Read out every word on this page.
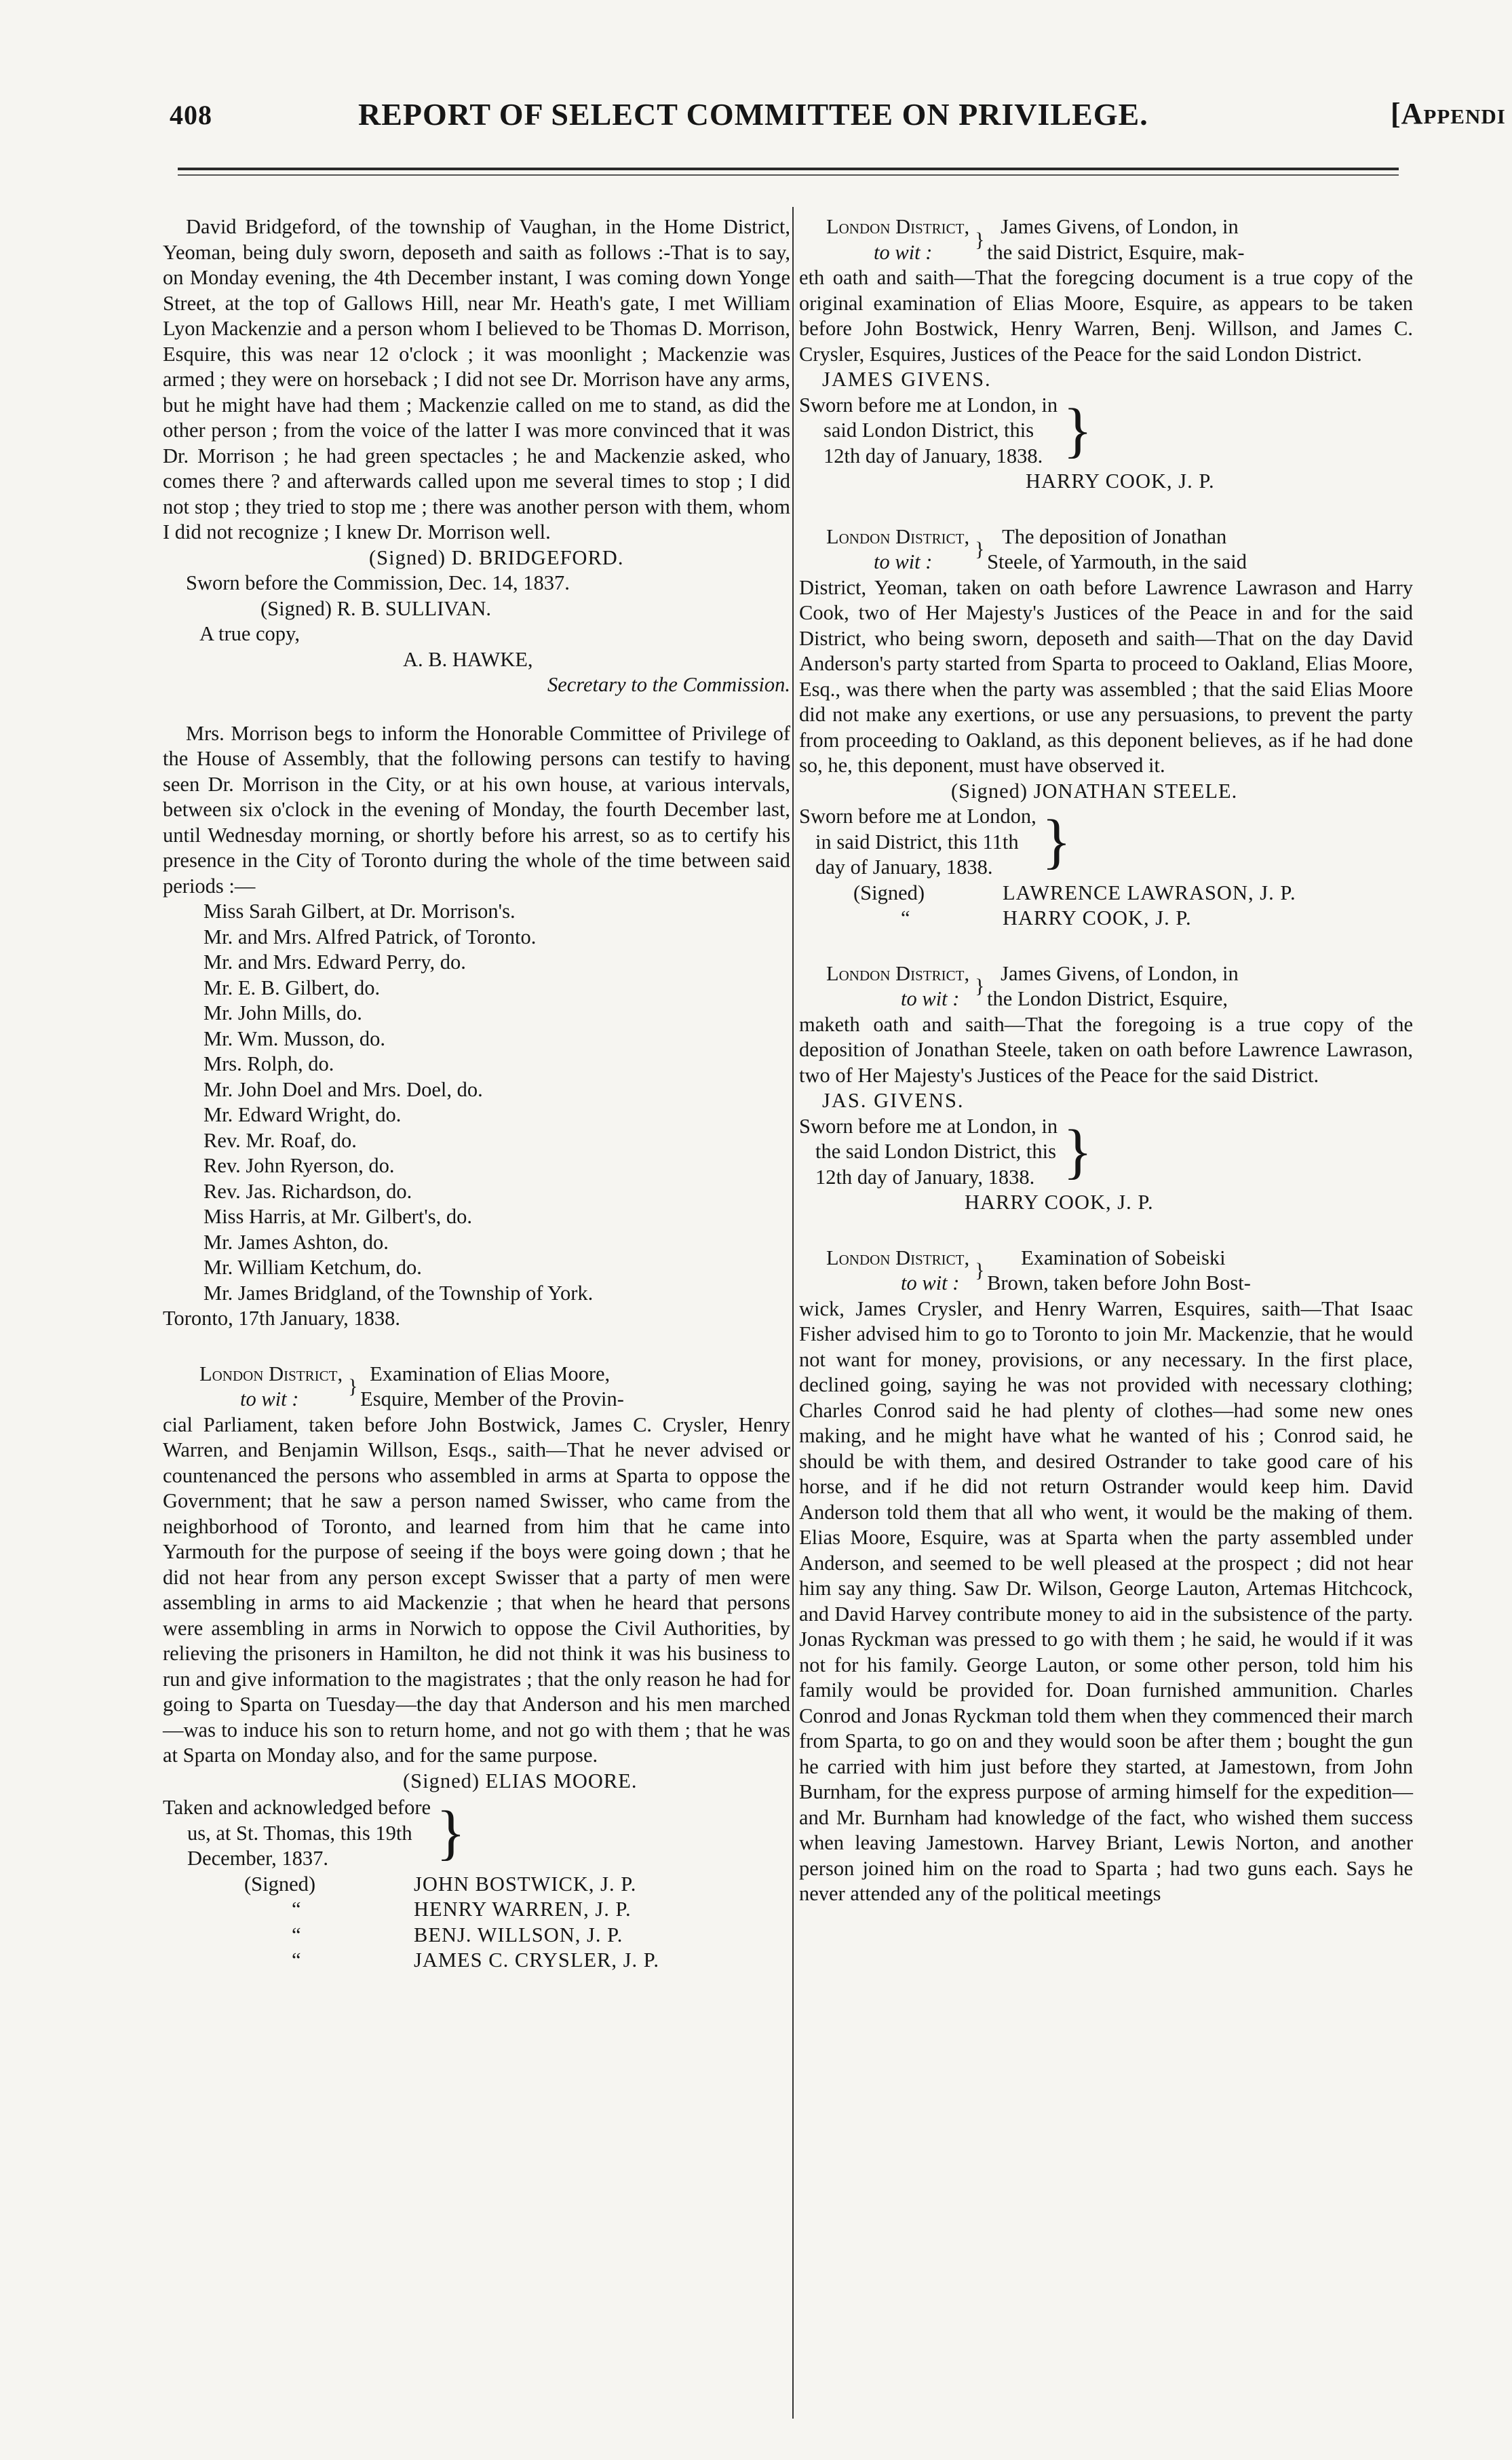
408	REPORT OF SELECT COMMITTEE ON PRIVILEGE.	[Appendi

David Bridgeford, of the township of Vaughan, in the Home District, Yeoman, being duly sworn, deposeth and saith as follows :-That is to say, on Monday evening, the 4th December instant, I was coming down Yonge Street, at the top of Gallows Hill, near Mr. Heath's gate, I met William Lyon Mackenzie and a person whom I believed to be Thomas D. Morrison, Esquire, this was near 12 o'clock ; it was moonlight ; Mackenzie was armed ; they were on horseback ; I did not see Dr. Morrison have any arms, but he might have had them ; Mackenzie called on me to stand, as did the other person ; from the voice of the latter I was more convinced that it was Dr. Morrison ; he had green spectacles ; he and Mackenzie asked, who comes there ? and afterwards called upon me several times to stop ; I did not stop ; they tried to stop me ; there was another person with them, whom I did not recognize ; I knew Dr. Morrison well.

(Signed) D. BRIDGEFORD.

Sworn before the Commission, Dec. 14, 1837.

(Signed) R. B. SULLIVAN.

A true copy,

A. B. HAWKE,

Secretary to the Commission.

Mrs. Morrison begs to inform the Honorable Committee of Privilege of the House of Assembly, that the following persons can testify to having seen Dr. Morrison in the City, or at his own house, at various intervals, between six o'clock in the evening of Monday, the fourth December last, until Wednesday morning, or shortly before his arrest, so as to certify his presence in the City of Toronto during the whole of the time between said periods :—

Miss Sarah Gilbert, at Dr. Morrison's.
Mr. and Mrs. Alfred Patrick, of Toronto.
Mr. and Mrs. Edward Perry, do.
Mr. E. B. Gilbert, do.
Mr. John Mills, do.
Mr. Wm. Musson, do.
Mrs. Rolph, do.
Mr. John Doel and Mrs. Doel, do.
Mr. Edward Wright, do.
Rev. Mr. Roaf, do.
Rev. John Ryerson, do.
Rev. Jas. Richardson, do.
Miss Harris, at Mr. Gilbert's, do.
Mr. James Ashton, do.
Mr. William Ketchum, do.
Mr. James Bridgland, of the Township of York.

Toronto, 17th January, 1838.

London District,
to wit :
}
Examination of Elias Moore,
Esquire, Member of the Provin-

cial Parliament, taken before John Bostwick, James C. Crysler, Henry Warren, and Benjamin Willson, Esqs., saith—That he never advised or countenanced the persons who assembled in arms at Sparta to oppose the Government; that he saw a person named Swisser, who came from the neighborhood of Toronto, and learned from him that he came into Yarmouth for the purpose of seeing if the boys were going down ; that he did not hear from any person except Swisser that a party of men were assembling in arms to aid Mackenzie ; that when he heard that persons were assembling in arms in Norwich to oppose the Civil Authorities, by relieving the prisoners in Hamilton, he did not think it was his business to run and give information to the magistrates ; that the only reason he had for going to Sparta on Tuesday—the day that Anderson and his men marched—was to induce his son to return home, and not go with them ; that he was at Sparta on Monday also, and for the same purpose.

(Signed) ELIAS MOORE.

Taken and acknowledged before
us, at St. Thomas, this 19th
December, 1837.	}
(Signed)
“
“
“
JOHN BOSTWICK, J. P.
HENRY WARREN, J. P.
BENJ. WILLSON, J. P.
JAMES C. CRYSLER, J. P.
London District,
to wit :
}
James Givens, of London, in
the said District, Esquire, mak-

eth oath and saith—That the foregcing document is a true copy of the original examination of Elias Moore, Esquire, as appears to be taken before John Bostwick, Henry Warren, Benj. Willson, and James C. Crysler, Esquires, Justices of the Peace for the said London District.

JAMES GIVENS.

Sworn before me at London, in
said London District, this
12th day of January, 1838. }

HARRY COOK, J. P.

London District,
to wit :
}
The deposition of Jonathan
Steele, of Yarmouth, in the said

District, Yeoman, taken on oath before Lawrence Lawrason and Harry Cook, two of Her Majesty's Justices of the Peace in and for the said District, who being sworn, deposeth and saith—That on the day David Anderson's party started from Sparta to proceed to Oakland, Elias Moore, Esq., was there when the party was assembled ; that the said Elias Moore did not make any exertions, or use any persuasions, to prevent the party from proceeding to Oakland, as this deponent believes, as if he had done so, he, this deponent, must have observed it.

(Signed) JONATHAN STEELE.

Sworn before me at London,
in said District, this 11th
day of January, 1838. }
(Signed)
“
LAWRENCE LAWRASON, J. P.
HARRY COOK, J. P.
London District,
to wit :
}
James Givens, of London, in
the London District, Esquire,

maketh oath and saith—That the foregoing is a true copy of the deposition of Jonathan Steele, taken on oath before Lawrence Lawrason, two of Her Majesty's Justices of the Peace for the said District.

JAS. GIVENS.

Sworn before me at London, in
the said London District, this
12th day of January, 1838. }

HARRY COOK, J. P.

London District,
to wit :
}
Examination of Sobeiski
Brown, taken before John Bost-

wick, James Crysler, and Henry Warren, Esquires, saith—That Isaac Fisher advised him to go to Toronto to join Mr. Mackenzie, that he would not want for money, provisions, or any necessary. In the first place, declined going, saying he was not provided with necessary clothing; Charles Conrod said he had plenty of clothes—had some new ones making, and he might have what he wanted of his ; Conrod said, he should be with them, and desired Ostrander to take good care of his horse, and if he did not return Ostrander would keep him. David Anderson told them that all who went, it would be the making of them. Elias Moore, Esquire, was at Sparta when the party assembled under Anderson, and seemed to be well pleased at the prospect ; did not hear him say any thing. Saw Dr. Wilson, George Lauton, Artemas Hitchcock, and David Harvey contribute money to aid in the subsistence of the party. Jonas Ryckman was pressed to go with them ; he said, he would if it was not for his family. George Lauton, or some other person, told him his family would be provided for. Doan furnished ammunition. Charles Conrod and Jonas Ryckman told them when they commenced their march from Sparta, to go on and they would soon be after them ; bought the gun he carried with him just before they started, at Jamestown, from John Burnham, for the express purpose of arming himself for the expedition—and Mr. Burnham had knowledge of the fact, who wished them success when leaving Jamestown. Harvey Briant, Lewis Norton, and another person joined him on the road to Sparta ; had two guns each. Says he never attended any of the political meetings
